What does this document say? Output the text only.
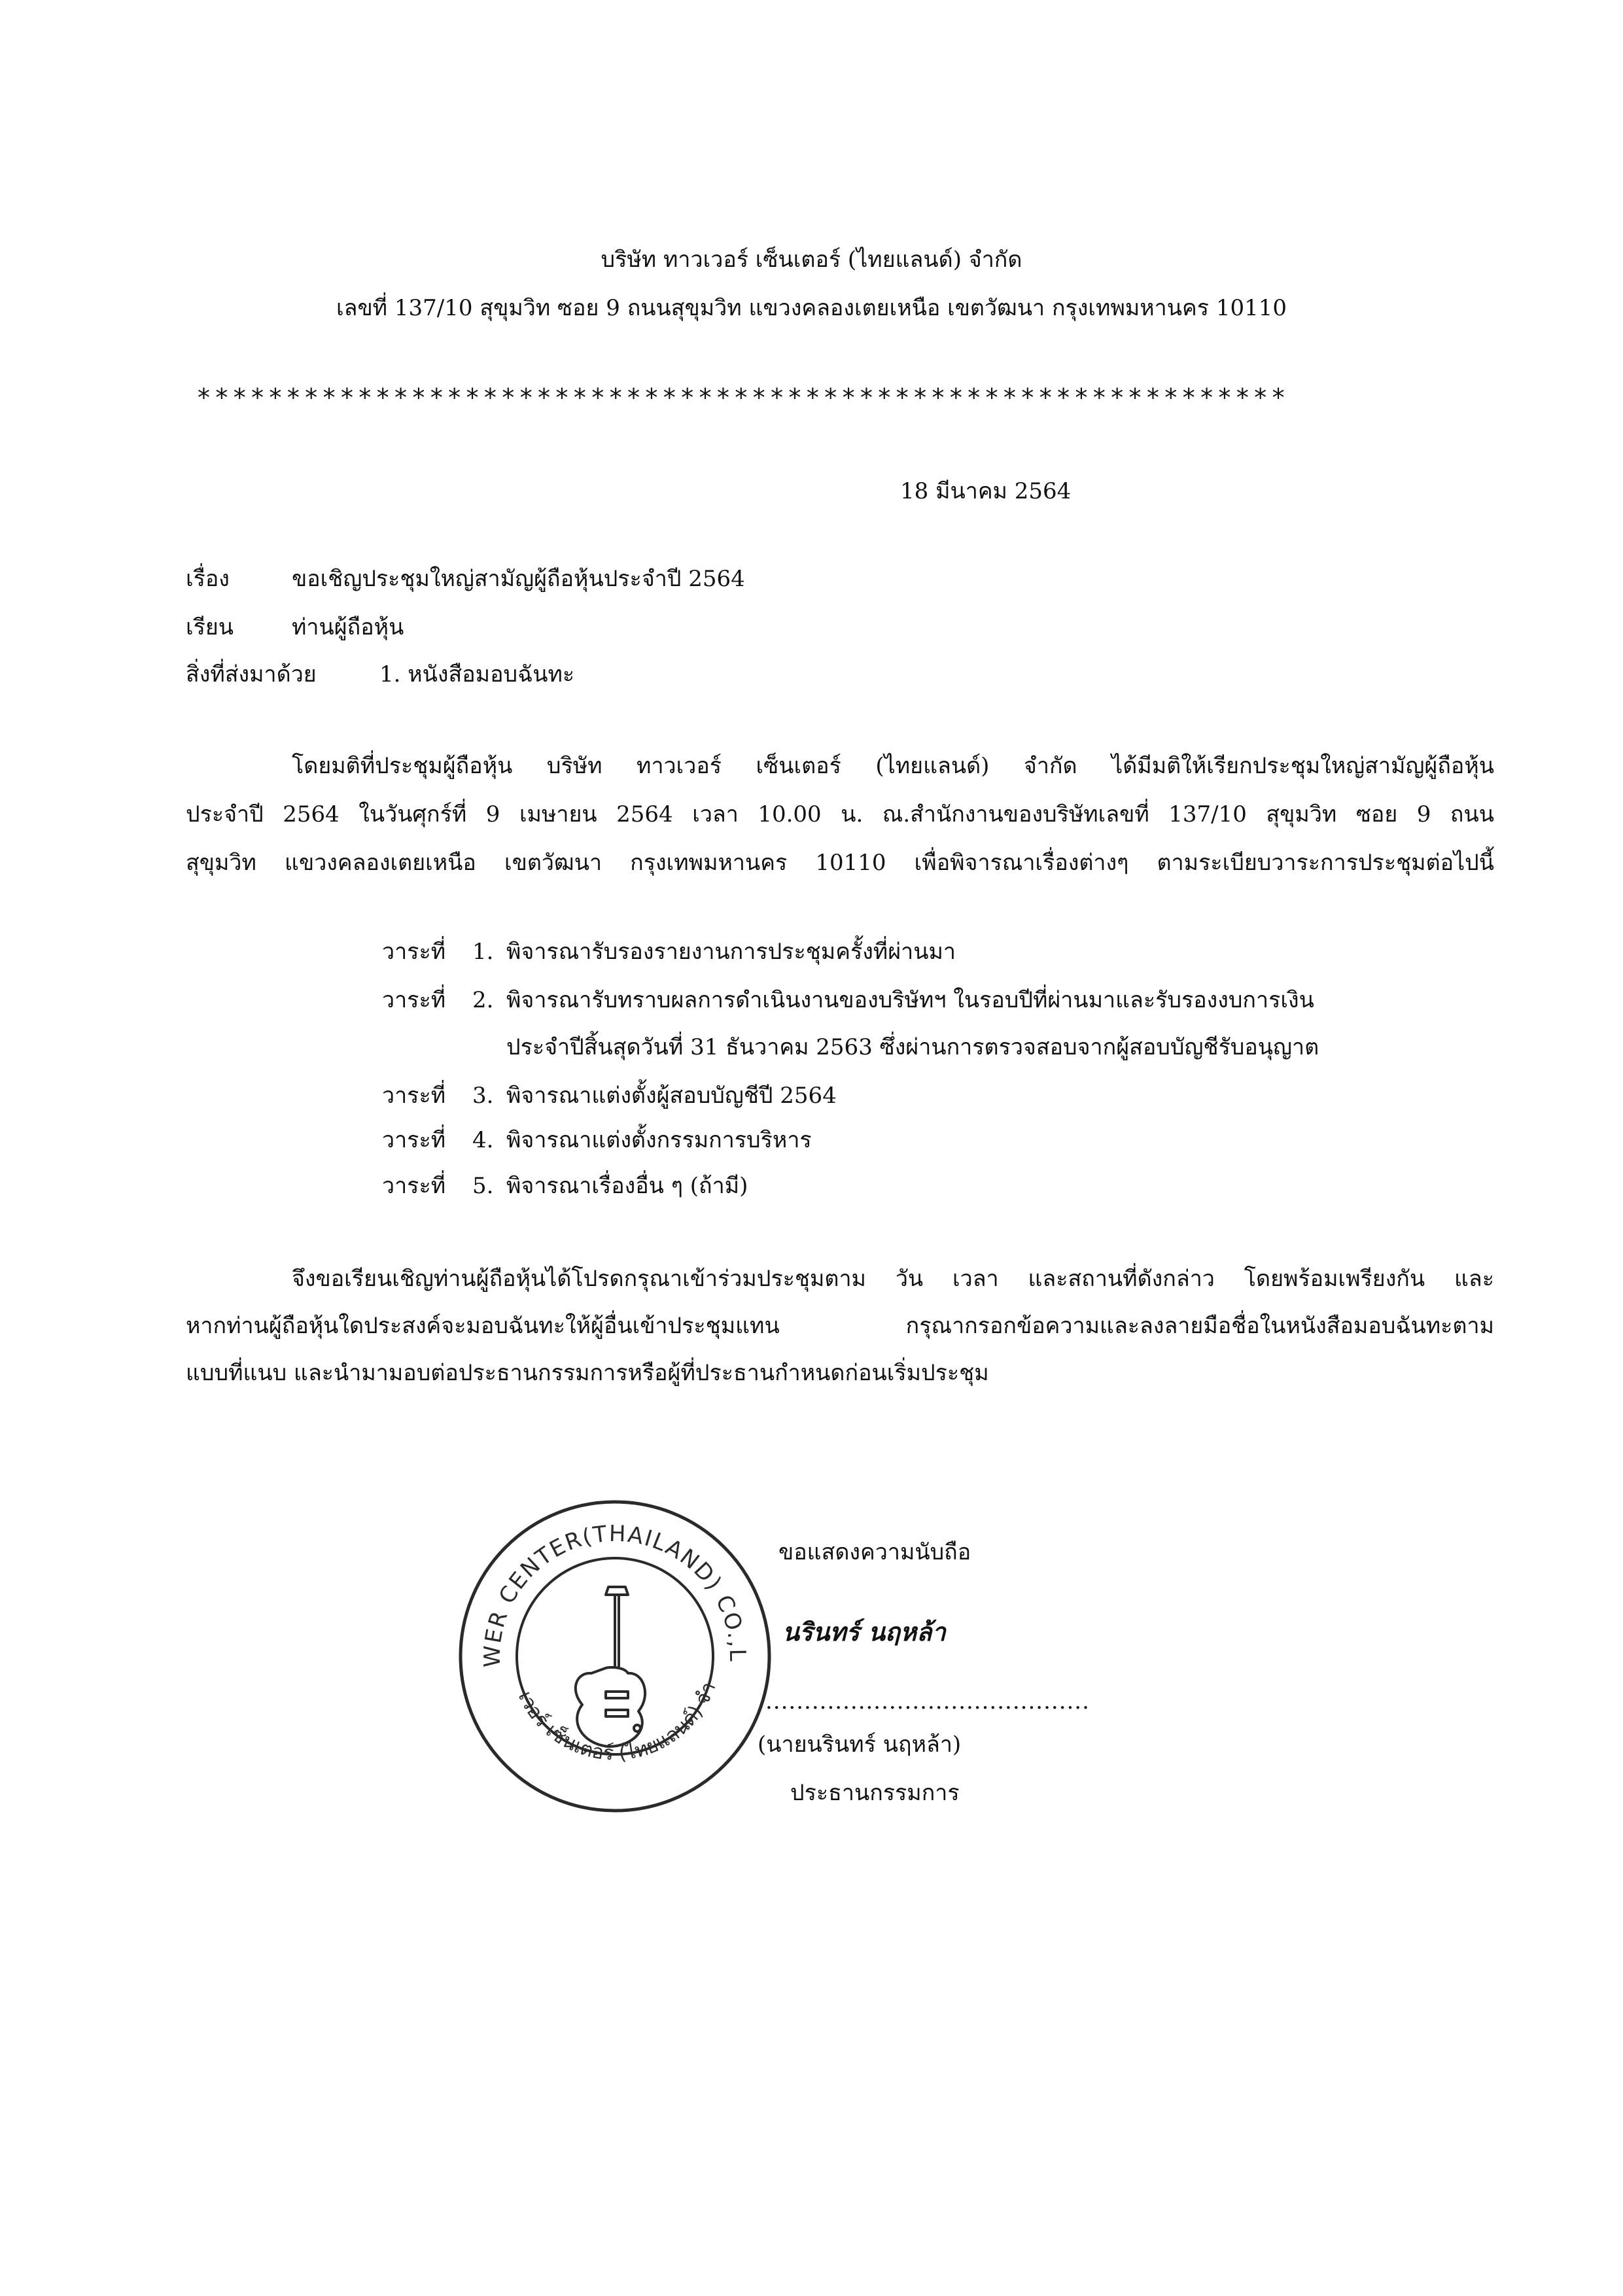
บริษัท ทาวเวอร์ เซ็นเตอร์ (ไทยแลนด์) จำกัด
เลขที่ 137/10 สุขุมวิท ซอย 9 ถนนสุขุมวิท แขวงคลองเตยเหนือ เขตวัฒนา กรุงเทพมหานคร 10110
*************************************************************
18 มีนาคม 2564
เรื่อง	ขอเชิญประชุมใหญ่สามัญผู้ถือหุ้นประจำปี 2564
เรียน	ท่านผู้ถือหุ้น
สิ่งที่ส่งมาด้วย	1. หนังสือมอบฉันทะ
โดยมติที่ประชุมผู้ถือหุ้น บริษัท ทาวเวอร์ เซ็นเตอร์ (ไทยแลนด์) จำกัด ได้มีมติให้เรียกประชุมใหญ่สามัญผู้ถือหุ้น
ประจำปี 2564 ในวันศุกร์ที่ 9 เมษายน 2564 เวลา 10.00 น. ณ.สำนักงานของบริษัทเลขที่ 137/10 สุขุมวิท ซอย 9 ถนน
สุขุมวิท แขวงคลองเตยเหนือ เขตวัฒนา กรุงเทพมหานคร 10110 เพื่อพิจารณาเรื่องต่างๆ ตามระเบียบวาระการประชุมต่อไปนี้
วาระที่ 1. พิจารณารับรองรายงานการประชุมครั้งที่ผ่านมา
วาระที่ 2. พิจารณารับทราบผลการดำเนินงานของบริษัทฯ ในรอบปีที่ผ่านมาและรับรองงบการเงิน
ประจำปีสิ้นสุดวันที่ 31 ธันวาคม 2563 ซึ่งผ่านการตรวจสอบจากผู้สอบบัญชีรับอนุญาต
วาระที่ 3. พิจารณาแต่งตั้งผู้สอบบัญชีปี 2564
วาระที่ 4. พิจารณาแต่งตั้งกรรมการบริหาร
วาระที่ 5. พิจารณาเรื่องอื่น ๆ (ถ้ามี)
จึงขอเรียนเชิญท่านผู้ถือหุ้นได้โปรดกรุณาเข้าร่วมประชุมตาม วัน เวลา และสถานที่ดังกล่าว โดยพร้อมเพรียงกัน และ
หากท่านผู้ถือหุ้นใดประสงค์จะมอบฉันทะให้ผู้อื่นเข้าประชุมแทน กรุณากรอกข้อความและลงลายมือชื่อในหนังสือมอบฉันทะตาม
แบบที่แนบ และนำมามอบต่อประธานกรรมการหรือผู้ที่ประธานกำหนดก่อนเริ่มประชุม
WER CENTER(THAILAND) CO.,L
เวอร์ เซ็นเตอร์ (ไทยแลนด์) จำ
ขอแสดงความนับถือ
นรินทร์ นฤหล้า
..........................................
(นายนรินทร์ นฤหล้า)
ประธานกรรมการ
